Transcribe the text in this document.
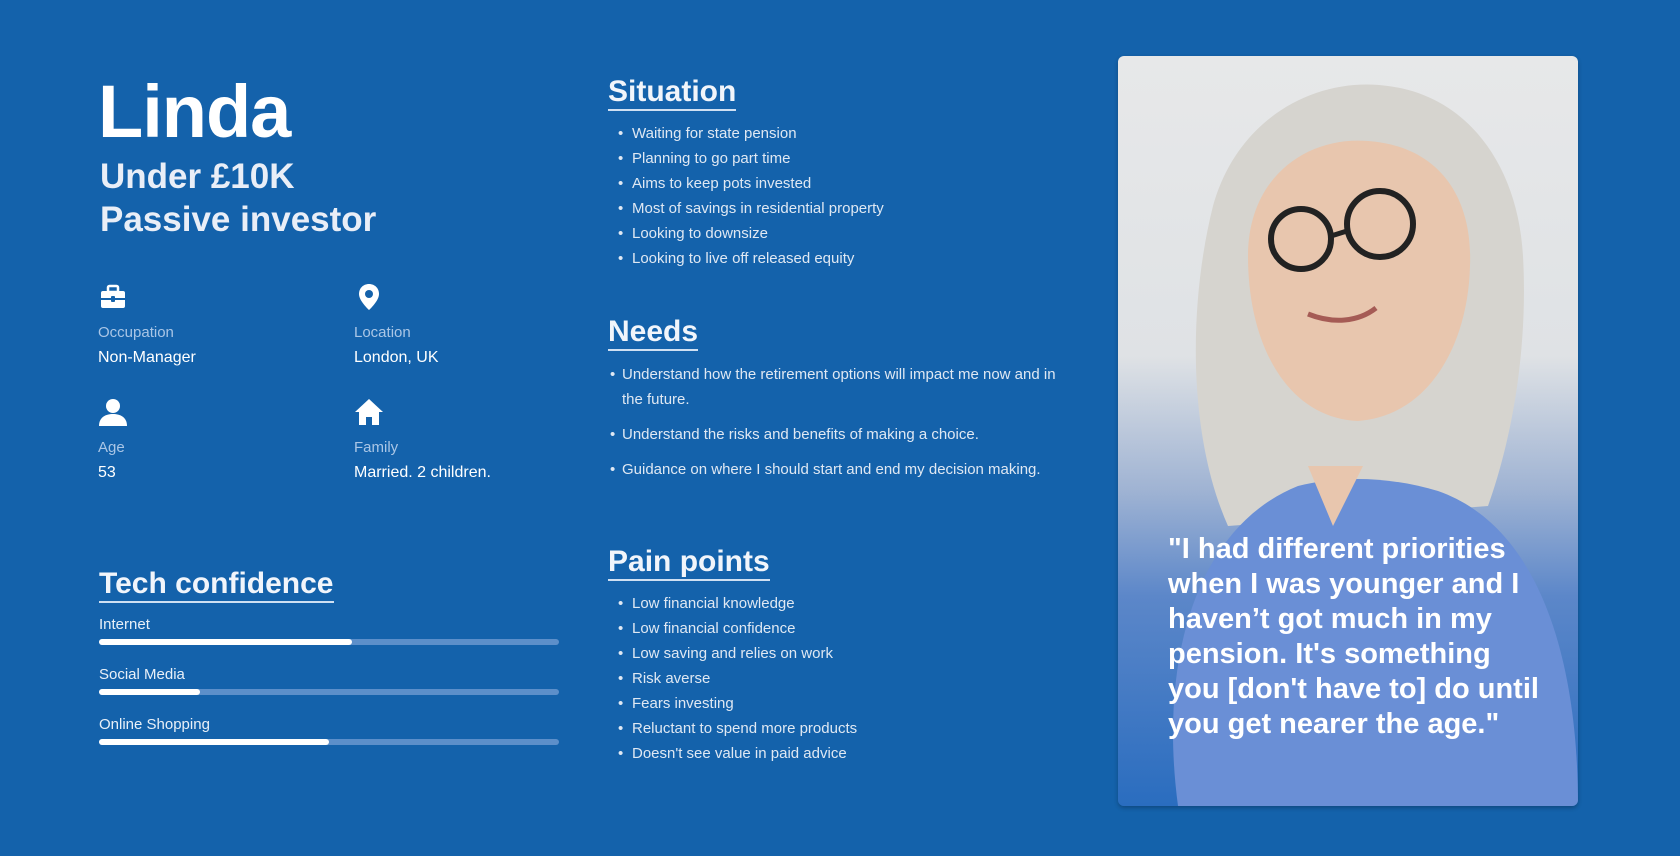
Linda
Under £10K
Passive investor
Occupation
Non-Manager
Location
London, UK
Age
53
Family
Married. 2 children.
Tech confidence
Internet
Social Media
Online Shopping
Situation
• Waiting for state pension
• Planning to go part time
• Aims to keep pots invested
• Most of savings in residential property
• Looking to downsize
• Looking to live off released equity
Needs
• Understand how the retirement options will impact me now and in the future.
• Understand the risks and benefits of making a choice.
• Guidance on where I should start and end my decision making.
Pain points
• Low financial knowledge
• Low financial confidence
• Low saving and relies on work
• Risk averse
• Fears investing
• Reluctant to spend more products
• Doesn't see value in paid advice
"I had different priorities when I was younger and I haven’t got much in my pension. It's something you [don't have to] do until you get nearer the age."
